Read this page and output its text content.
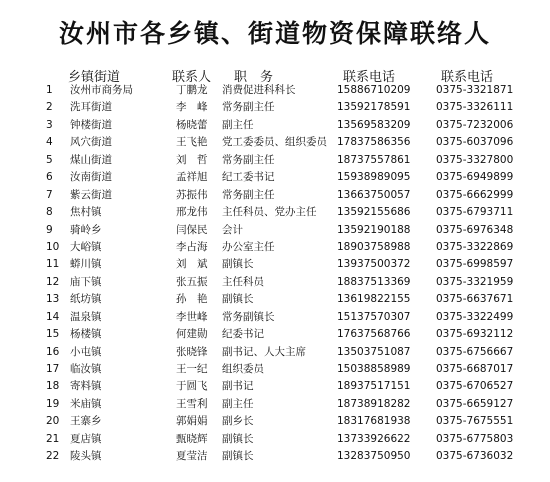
汝州市各乡镇、街道物资保障联络人
乡镇街道	联系人 职　务	联系电话	联系电话
1 汝州市商务局	丁鹏龙 消费促进科科长	15886710209 0375-3321871
2 洗耳街道	李　峰 常务副主任	13592178591 0375-3326111
3 钟楼街道	杨晓蕾 副主任	13569583209 0375-7232006
4 风穴街道	王飞艳 党工委委员、组织委员 17837586356 0375-6037096
5 煤山街道	刘　哲 常务副主任	18737557861 0375-3327800
6 汝南街道	孟祥旭 纪工委书记	15938989095 0375-6949899
7 紫云街道	苏振伟 常务副主任	13663750057 0375-6662999
8 焦村镇	邢龙伟 主任科员、党办主任 13592155686 0375-6793711
9 骑岭乡	闫保民 会计	13592190188 0375-6976348
10 大峪镇	李占海 办公室主任	18903758988 0375-3322869
11 蟒川镇	刘　斌 副镇长	13937500372 0375-6998597
12 庙下镇	张五振 主任科员	18837513369 0375-3321959
13 纸坊镇	孙　艳 副镇长	13619822155 0375-6637671
14 温泉镇	李世峰 常务副镇长	15137570307 0375-3322499
15 杨楼镇	何建勋 纪委书记	17637568766 0375-6932112
16 小屯镇	张晓锋 副书记、人大主席	13503751087 0375-6756667
17 临汝镇	王一纪 组织委员	15038858989 0375-6687017
18 寄料镇	于圆飞 副书记	18937517151 0375-6706527
19 米庙镇	王雪利 副主任	18738918282 0375-6659127
20 王寨乡	郭娟娟 副乡长	18317681938 0375-7675551
21 夏店镇	甄晓辉 副镇长	13733926622 0375-6775803
22 陵头镇	夏莹洁 副镇长	13283750950 0375-6736032
